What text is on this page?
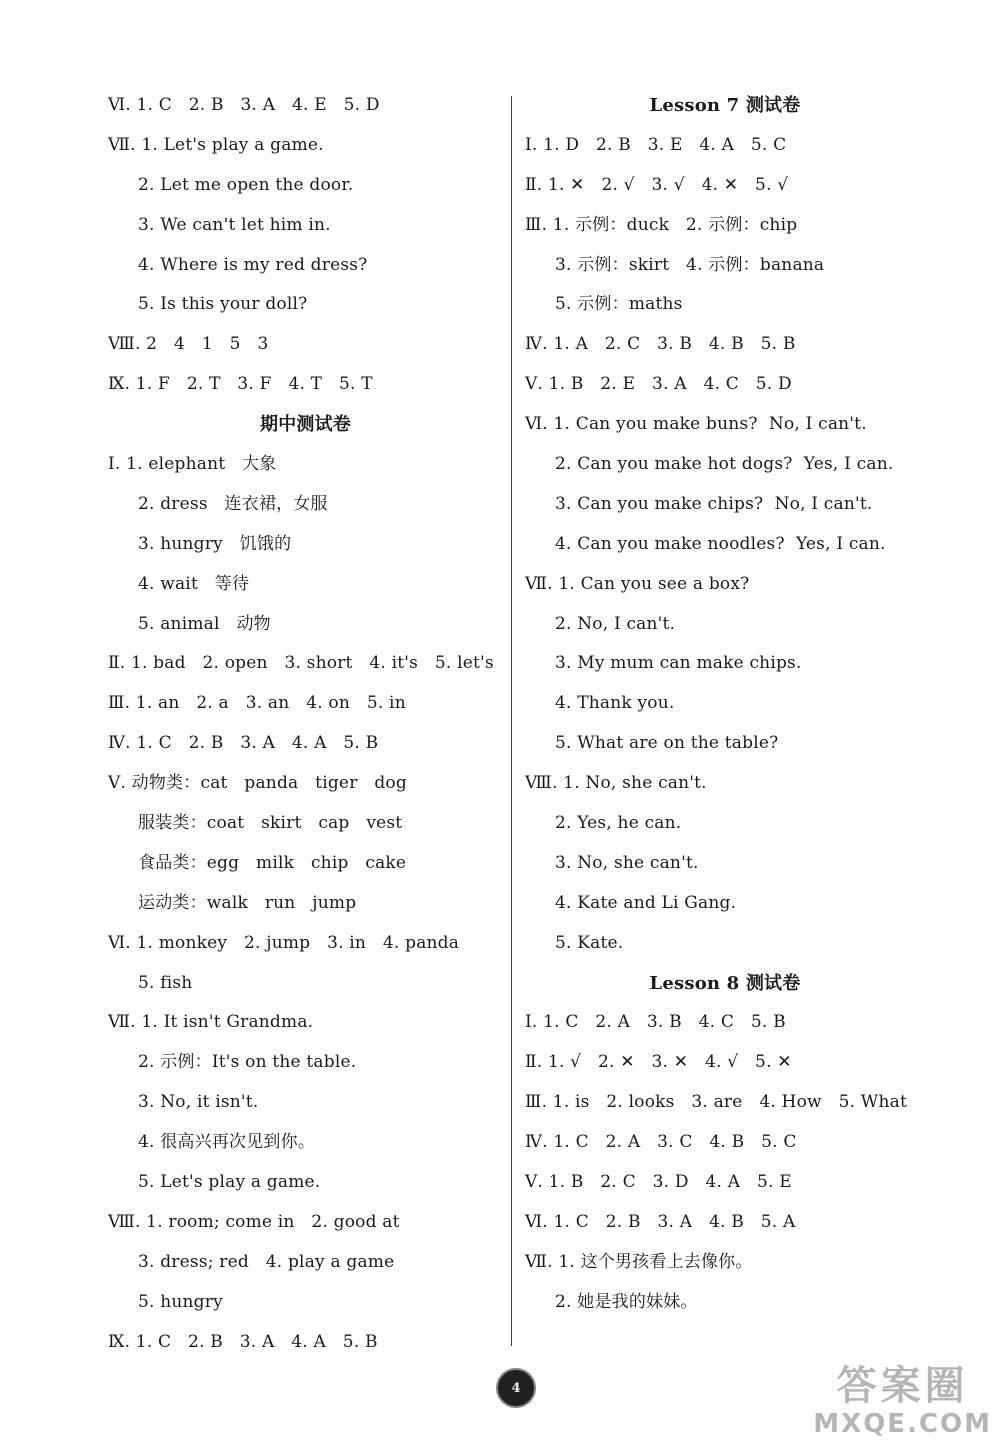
Ⅵ. 1. C   2. B   3. A   4. E   5. D
Ⅶ. 1. Let's play a game.
2. Let me open the door.
3. We can't let him in.
4. Where is my red dress?
5. Is this your doll?
Ⅷ. 2   4   1   5   3
Ⅸ. 1. F   2. T   3. F   4. T   5. T
期中测试卷
Ⅰ. 1. elephant   大象
2. dress   连衣裙，女服
3. hungry   饥饿的
4. wait   等待
5. animal   动物
Ⅱ. 1. bad   2. open   3. short   4. it's   5. let's
Ⅲ. 1. an   2. a   3. an   4. on   5. in
Ⅳ. 1. C   2. B   3. A   4. A   5. B
Ⅴ. 动物类：cat   panda   tiger   dog
服装类：coat   skirt   cap   vest
食品类：egg   milk   chip   cake
运动类：walk   run   jump
Ⅵ. 1. monkey   2. jump   3. in   4. panda
5. fish
Ⅶ. 1. It isn't Grandma.
2. 示例：It's on the table.
3. No, it isn't.
4. 很高兴再次见到你。
5. Let's play a game.
Ⅷ. 1. room; come in   2. good at
3. dress; red   4. play a game
5. hungry
Ⅸ. 1. C   2. B   3. A   4. A   5. B
Lesson 7 测试卷
Ⅰ. 1. D   2. B   3. E   4. A   5. C
Ⅱ. 1. ✕   2. √   3. √   4. ✕   5. √
Ⅲ. 1. 示例：duck   2. 示例：chip
3. 示例：skirt   4. 示例：banana
5. 示例：maths
Ⅳ. 1. A   2. C   3. B   4. B   5. B
Ⅴ. 1. B   2. E   3. A   4. C   5. D
Ⅵ. 1. Can you make buns?  No, I can't.
2. Can you make hot dogs?  Yes, I can.
3. Can you make chips?  No, I can't.
4. Can you make noodles?  Yes, I can.
Ⅶ. 1. Can you see a box?
2. No, I can't.
3. My mum can make chips.
4. Thank you.
5. What are on the table?
Ⅷ. 1. No, she can't.
2. Yes, he can.
3. No, she can't.
4. Kate and Li Gang.
5. Kate.
Lesson 8 测试卷
Ⅰ. 1. C   2. A   3. B   4. C   5. B
Ⅱ. 1. √   2. ✕   3. ✕   4. √   5. ✕
Ⅲ. 1. is   2. looks   3. are   4. How   5. What
Ⅳ. 1. C   2. A   3. C   4. B   5. C
Ⅴ. 1. B   2. C   3. D   4. A   5. E
Ⅵ. 1. C   2. B   3. A   4. B   5. A
Ⅶ. 1. 这个男孩看上去像你。
2. 她是我的妹妹。
4	答案圈
MXQE.COM
